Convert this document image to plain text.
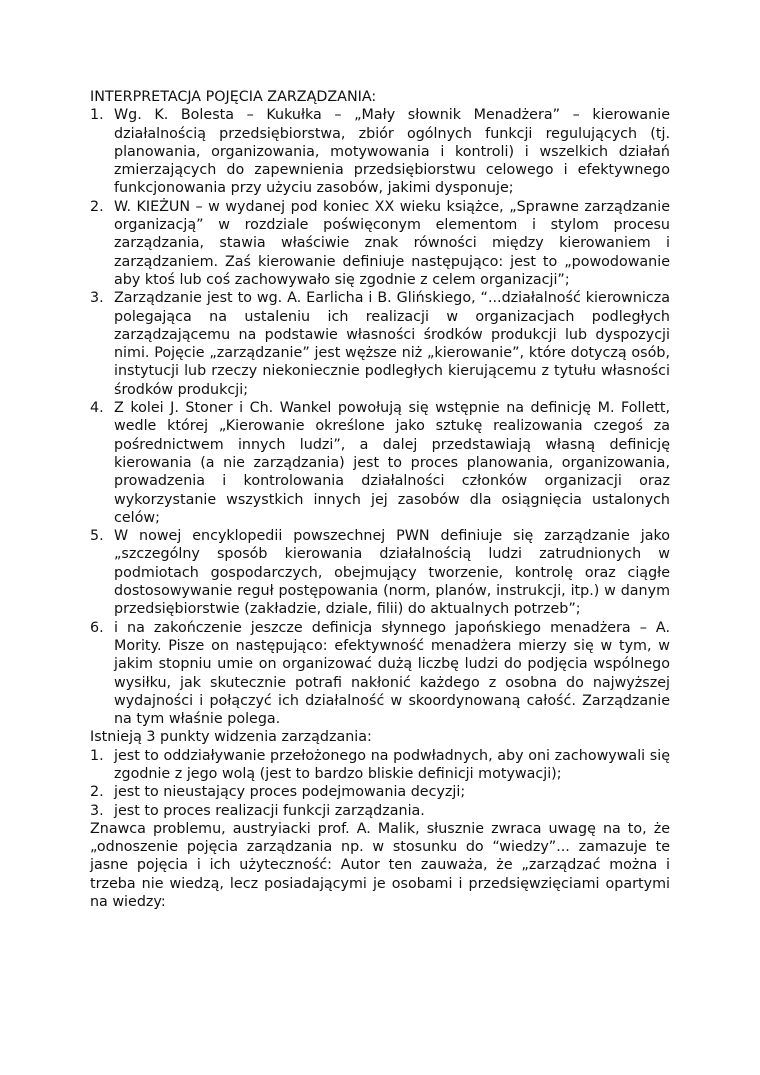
INTERPRETACJA POJĘCIA ZARZĄDZANIA:

1. Wg. K. Bolesta – Kukułka – „Mały słownik Menadżera” – kierowanie działalnością przedsiębiorstwa, zbiór ogólnych funkcji regulujących (tj. planowania, organizowania, motywowania i kontroli) i wszelkich działań zmierzających do zapewnienia przedsiębiorstwu celowego i efektywnego funkcjonowania przy użyciu zasobów, jakimi dysponuje;
2. W. KIEŻUN – w wydanej pod koniec XX wieku książce, „Sprawne zarządzanie organizacją” w rozdziale poświęconym elementom i stylom procesu zarządzania, stawia właściwie znak równości między kierowaniem i zarządzaniem. Zaś kierowanie definiuje następująco: jest to „powodowanie aby ktoś lub coś zachowywało się zgodnie z celem organizacji”;
3. Zarządzanie jest to wg. A. Earlicha i B. Glińskiego, “...działalność kierownicza polegająca na ustaleniu ich realizacji w organizacjach podległych zarządzającemu na podstawie własności środków produkcji lub dyspozycji nimi. Pojęcie „zarządzanie” jest węższe niż „kierowanie”, które dotyczą osób, instytucji lub rzeczy niekoniecznie podległych kierującemu z tytułu własności środków produkcji;
4. Z kolei J. Stoner i Ch. Wankel powołują się wstępnie na definicję M. Follett, wedle której „Kierowanie określone jako sztukę realizowania czegoś za pośrednictwem innych ludzi”, a dalej przedstawiają własną definicję kierowania (a nie zarządzania) jest to proces planowania, organizowania, prowadzenia i kontrolowania działalności członków organizacji oraz wykorzystanie wszystkich innych jej zasobów dla osiągnięcia ustalonych celów;
5. W nowej encyklopedii powszechnej PWN definiuje się zarządzanie jako „szczególny sposób kierowania działalnością ludzi zatrudnionych w podmiotach gospodarczych, obejmujący tworzenie, kontrolę oraz ciągłe dostosowywanie reguł postępowania (norm, planów, instrukcji, itp.) w danym przedsiębiorstwie (zakładzie, dziale, filii) do aktualnych potrzeb”;
6. i na zakończenie jeszcze definicja słynnego japońskiego menadżera – A. Mority. Pisze on następująco: efektywność menadżera mierzy się w tym, w jakim stopniu umie on organizować dużą liczbę ludzi do podjęcia wspólnego wysiłku, jak skutecznie potrafi nakłonić każdego z osobna do najwyższej wydajności i połączyć ich działalność w skoordynowaną całość. Zarządzanie na tym właśnie polega.

Istnieją 3 punkty widzenia zarządzania:

1. jest to oddziaływanie przełożonego na podwładnych, aby oni zachowywali się zgodnie z jego wolą (jest to bardzo bliskie definicji motywacji);
2. jest to nieustający proces podejmowania decyzji;
3. jest to proces realizacji funkcji zarządzania.

Znawca problemu, austryiacki prof. A. Malik, słusznie zwraca uwagę na to, że „odnoszenie pojęcia zarządzania np. w stosunku do “wiedzy”... zamazuje te jasne pojęcia i ich użyteczność: Autor ten zauważa, że „zarządzać można i trzeba nie wiedzą, lecz posiadającymi je osobami i przedsięwzięciami opartymi na wiedzy:
